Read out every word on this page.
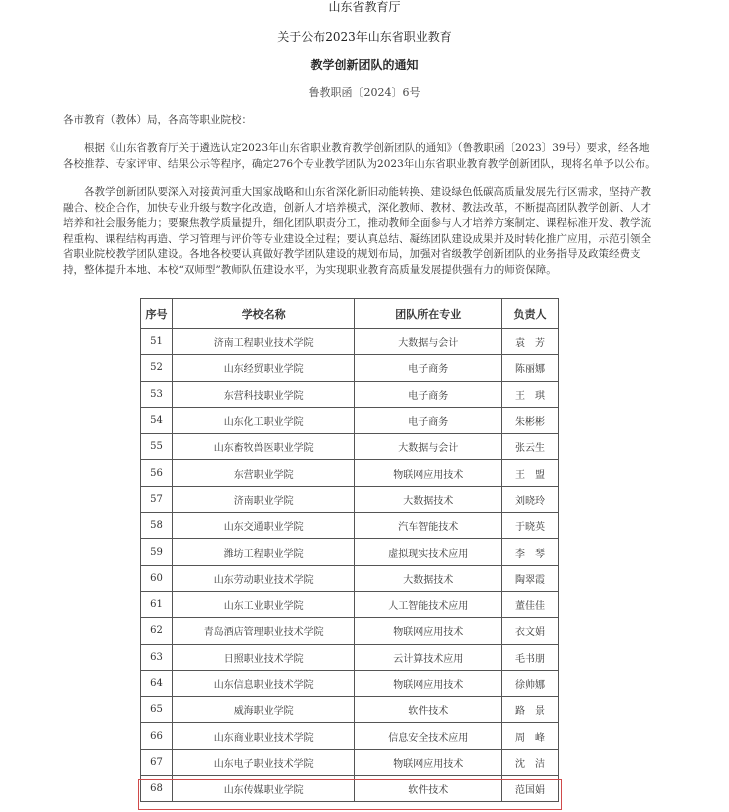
山东省教育厅
关于公布2023年山东省职业教育
教学创新团队的通知
鲁教职函〔2024〕6号
各市教育（教体）局，各高等职业院校：
根据《山东省教育厅关于遴选认定2023年山东省职业教育教学创新团队的通知》（鲁教职函〔2023〕39号）要求，经各地各校推荐、专家评审、结果公示等程序，确定276个专业教学团队为2023年山东省职业教育教学创新团队，现将名单予以公布。
各教学创新团队要深入对接黄河重大国家战略和山东省深化新旧动能转换、建设绿色低碳高质量发展先行区需求，坚持产教融合、校企合作，加快专业升级与数字化改造，创新人才培养模式，深化教师、教材、教法改革，不断提高团队教学创新、人才培养和社会服务能力；要聚焦教学质量提升，细化团队职责分工，推动教师全面参与人才培养方案制定、课程标准开发、教学流程重构、课程结构再造、学习管理与评价等专业建设全过程；要认真总结、凝练团队建设成果并及时转化推广应用，示范引领全省职业院校教学团队建设。各地各校要认真做好教学团队建设的规划布局，加强对省级教学创新团队的业务指导及政策经费支持，整体提升本地、本校“双师型”教师队伍建设水平，为实现职业教育高质量发展提供强有力的师资保障。
序号	学校名称	团队所在专业	负责人
51	济南工程职业技术学院	大数据与会计	袁　芳
52	山东经贸职业学院	电子商务	陈丽娜
53	东营科技职业学院	电子商务	王　琪
54	山东化工职业学院	电子商务	朱彬彬
55	山东畜牧兽医职业学院	大数据与会计	张云生
56	东营职业学院	物联网应用技术	王　盟
57	济南职业学院	大数据技术	刘晓玲
58	山东交通职业学院	汽车智能技术	于晓英
59	潍坊工程职业学院	虚拟现实技术应用	李　琴
60	山东劳动职业技术学院	大数据技术	陶翠霞
61	山东工业职业学院	人工智能技术应用	董佳佳
62	青岛酒店管理职业技术学院	物联网应用技术	衣文娟
63	日照职业技术学院	云计算技术应用	毛书朋
64	山东信息职业技术学院	物联网应用技术	徐帅娜
65	威海职业学院	软件技术	路　景
66	山东商业职业技术学院	信息安全技术应用	周　峰
67	山东电子职业技术学院	物联网应用技术	沈　洁
68	山东传媒职业学院	软件技术	范国娟
